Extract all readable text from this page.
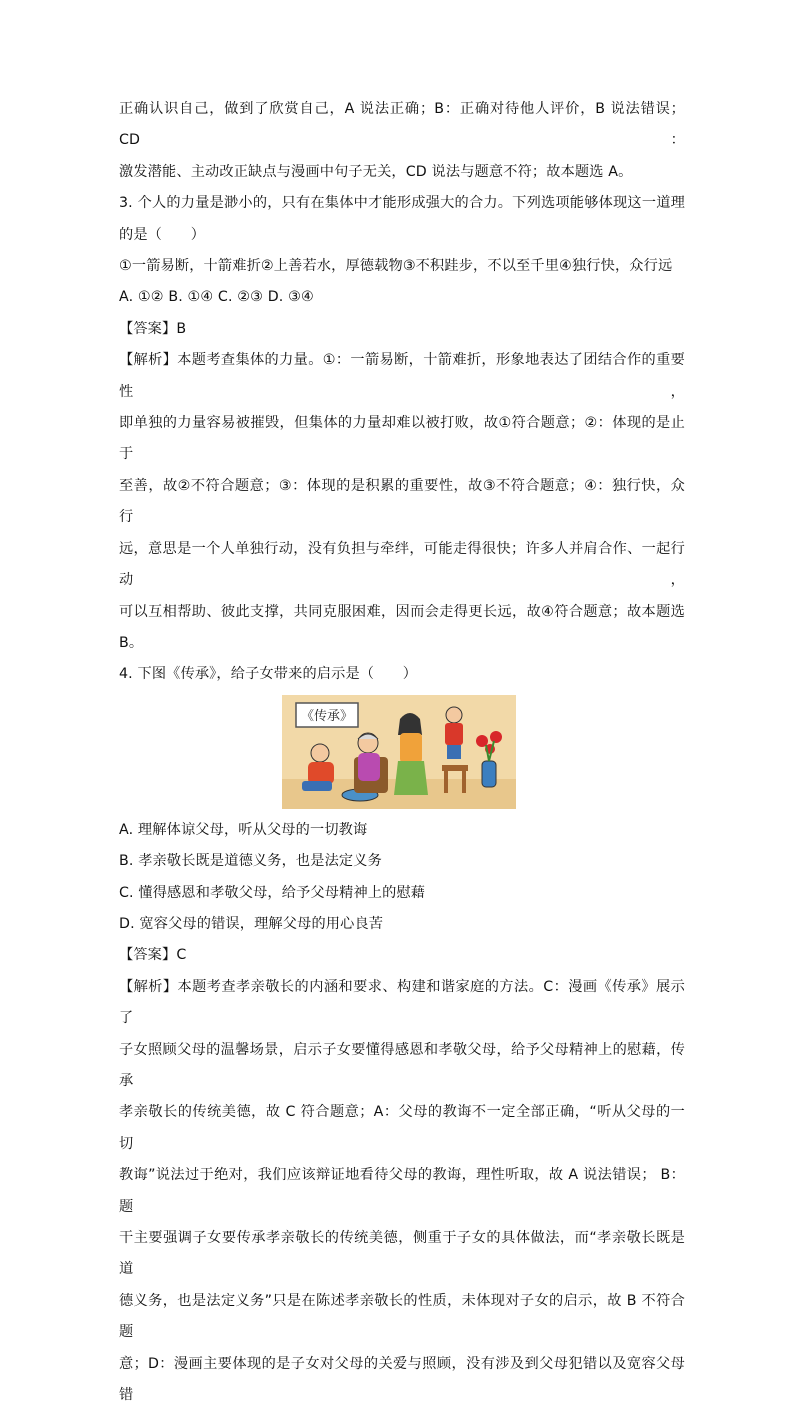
正确认识自己，做到了欣赏自己，A 说法正确；B：正确对待他人评价，B 说法错误；CD：
激发潜能、主动改正缺点与漫画中句子无关，CD 说法与题意不符；故本题选 A。
3. 个人的力量是渺小的，只有在集体中才能形成强大的合力。下列选项能够体现这一道理
的是（　　）
①一箭易断，十箭难折②上善若水，厚德载物③不积跬步，不以至千里④独行快，众行远
A. ①② B. ①④ C. ②③ D. ③④
【答案】B
【解析】本题考查集体的力量。①：一箭易断，十箭难折，形象地表达了团结合作的重要性，
即单独的力量容易被摧毁，但集体的力量却难以被打败，故①符合题意；②：体现的是止于
至善，故②不符合题意；③：体现的是积累的重要性，故③不符合题意；④：独行快，众行
远，意思是一个人单独行动，没有负担与牵绊，可能走得很快；许多人并肩合作、一起行动，
可以互相帮助、彼此支撑，共同克服困难，因而会走得更长远，故④符合题意；故本题选
B。
4. 下图《传承》，给子女带来的启示是（　　）
《传承》
A. 理解体谅父母，听从父母的一切教诲
B. 孝亲敬长既是道德义务，也是法定义务
C. 懂得感恩和孝敬父母，给予父母精神上的慰藉
D. 宽容父母的错误，理解父母的用心良苦
【答案】C
【解析】本题考查孝亲敬长的内涵和要求、构建和谐家庭的方法。C：漫画《传承》展示了
子女照顾父母的温馨场景，启示子女要懂得感恩和孝敬父母，给予父母精神上的慰藉，传承
孝亲敬长的传统美德，故 C 符合题意；A：父母的教诲不一定全部正确，“听从父母的一切
教诲”说法过于绝对，我们应该辩证地看待父母的教诲，理性听取，故 A 说法错误； B：题
干主要强调子女要传承孝亲敬长的传统美德，侧重于子女的具体做法，而“孝亲敬长既是道
德义务，也是法定义务”只是在陈述孝亲敬长的性质，未体现对子女的启示，故 B 不符合题
意；D：漫画主要体现的是子女对父母的关爱与照顾，没有涉及到父母犯错以及宽容父母错
